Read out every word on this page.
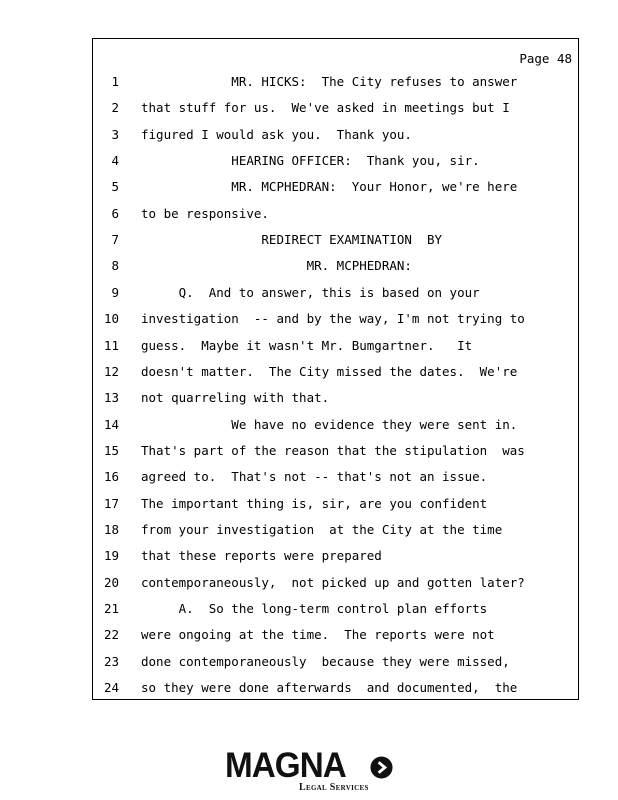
Page 48
1 MR. HICKS:  The City refuses to answer
2 that stuff for us.  We've asked in meetings but I
3 figured I would ask you.  Thank you.
4 HEARING OFFICER:  Thank you, sir.
5 MR. MCPHEDRAN:  Your Honor, we're here
6 to be responsive.
7 REDIRECT EXAMINATION  BY
8 MR. MCPHEDRAN:
9 Q.  And to answer, this is based on your
10 investigation  -- and by the way, I'm not trying to
11 guess.  Maybe it wasn't Mr. Bumgartner.   It
12 doesn't matter.  The City missed the dates.  We're
13 not quarreling with that.
14 We have no evidence they were sent in.
15 That's part of the reason that the stipulation  was
16 agreed to.  That's not -- that's not an issue.
17 The important thing is, sir, are you confident
18 from your investigation  at the City at the time
19 that these reports were prepared
20 contemporaneously,  not picked up and gotten later?
21 A.  So the long-term control plan efforts
22 were ongoing at the time.  The reports were not
23 done contemporaneously  because they were missed,
24 so they were done afterwards  and documented,  the
MAGNA
Legal Services
